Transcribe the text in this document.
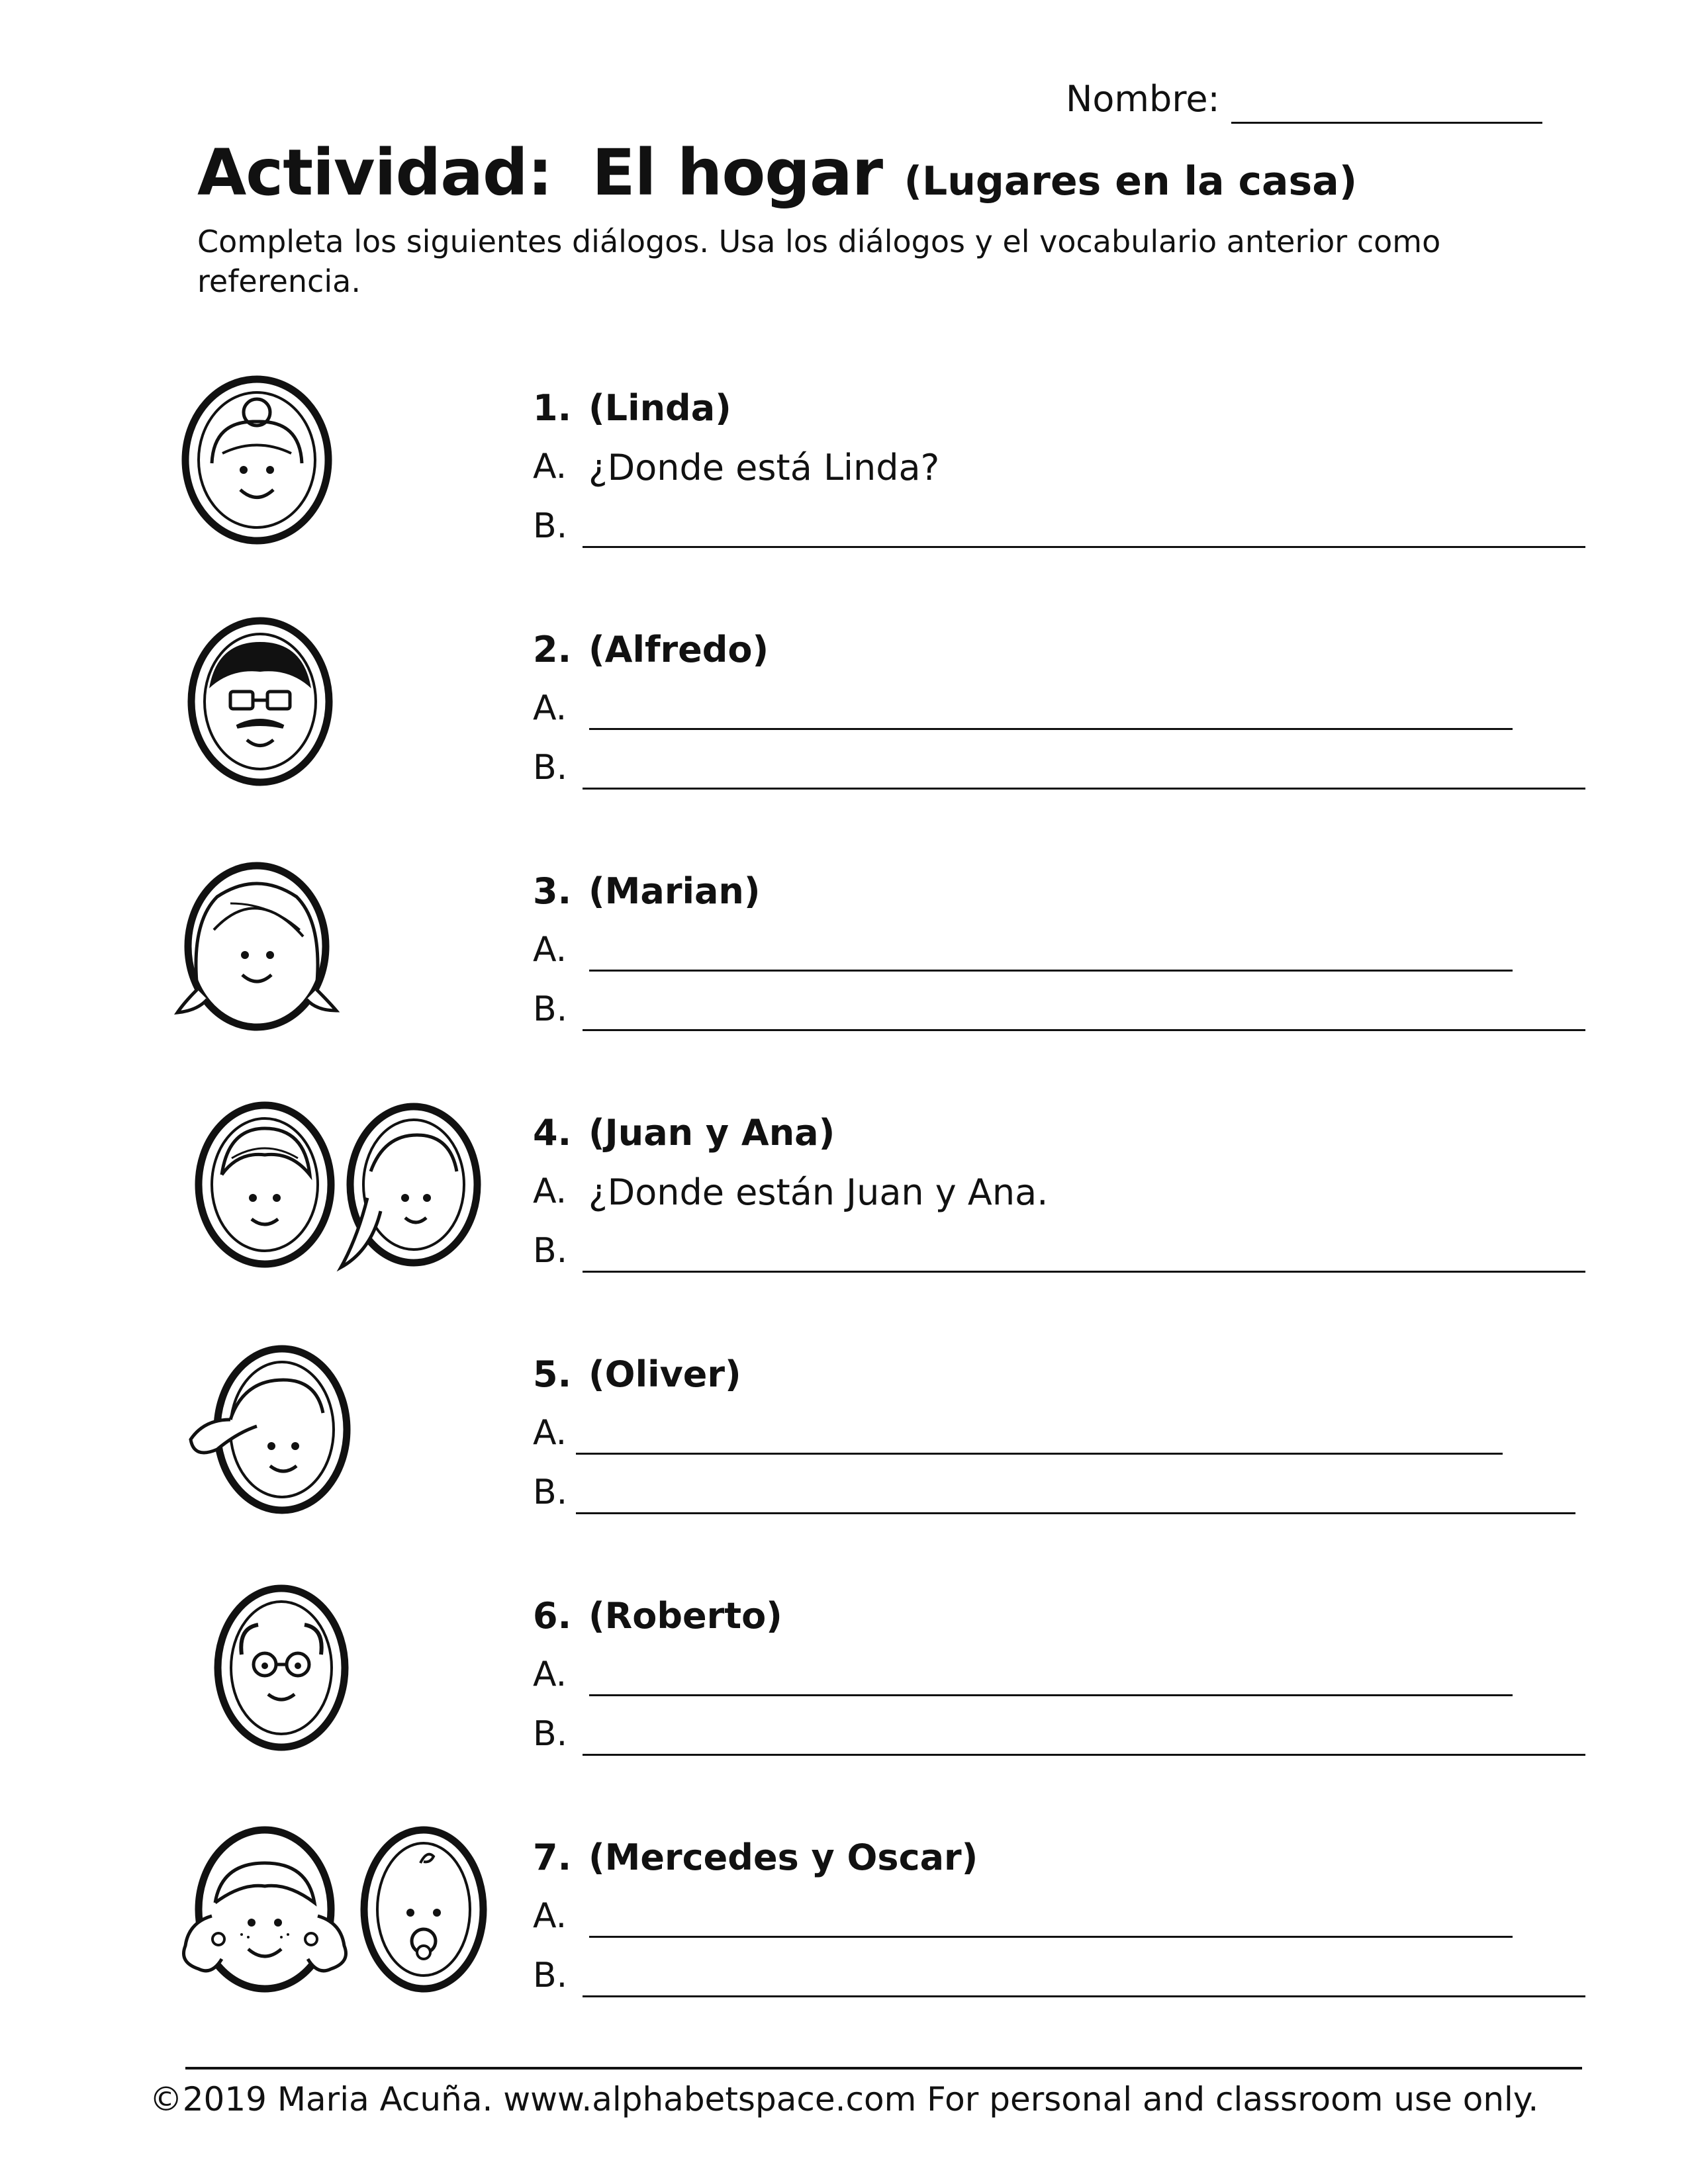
Nombre:
Actividad: El hogar (Lugares en la casa)
Completa los siguientes diálogos. Usa los diálogos y el vocabulario anterior como referencia.
1. (Linda)
A. ¿Donde está Linda?
B.
2. (Alfredo)
A.
B.
3. (Marian)
A.
B.
4. (Juan y Ana)
A. ¿Donde están Juan y Ana.
B.
5. (Oliver)
A.
B.
6. (Roberto)
A.
B.
7. (Mercedes y Oscar)
A.
B.
©2019 Maria Acuña. www.alphabetspace.com For personal and classroom use only.
